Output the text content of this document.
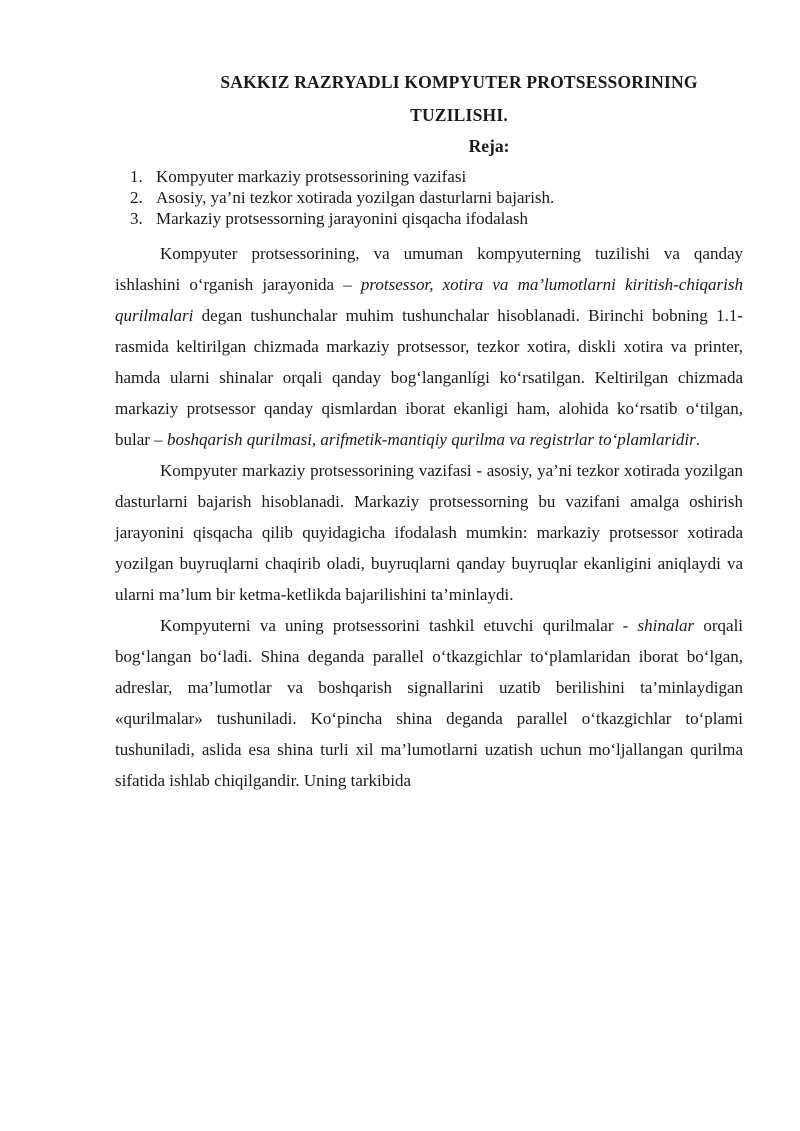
SAKKIZ RAZRYADLI KOMPYUTER PROTSESSORINING
TUZILISHI.
Reja:
1. Kompyuter markaziy protsessorining vazifasi
2. Asosiy, ya’ni tezkor xotirada yozilgan dasturlarni bajarish.
3. Markaziy protsessorning jarayonini qisqacha ifodalash

Kompyuter protsessorining, va umuman kompyuterning tuzilishi va qanday ishlashini o‘rganish jarayonida – protsessor, xotira va ma’lumotlarni kiritish-chiqarish qurilmalari degan tushunchalar muhim tushunchalar hisoblanadi. Birinchi bobning 1.1-rasmida keltirilgan chizmada markaziy protsessor, tezkor xotira, diskli xotira va printer, hamda ularni shinalar orqali qanday bog‘langanlígi ko‘rsatilgan. Keltirilgan chizmada markaziy protsessor qanday qismlardan iborat ekanligi ham, alohida ko‘rsatib o‘tilgan, bular – boshqarish qurilmasi, arifmetik-mantiqiy qurilma va registrlar to‘plamlaridir.

Kompyuter markaziy protsessorining vazifasi - asosiy, ya’ni tezkor xotirada yozilgan dasturlarni bajarish hisoblanadi. Markaziy protsessorning bu vazifani amalga oshirish jarayonini qisqacha qilib quyidagicha ifodalash mumkin: markaziy protsessor xotirada yozilgan buyruqlarni chaqirib oladi, buyruqlarni qanday buyruqlar ekanligini aniqlaydi va ularni ma’lum bir ketma-ketlikda bajarilishini ta’minlaydi.

Kompyuterni va uning protsessorini tashkil etuvchi qurilmalar - shinalar orqali bog‘langan bo‘ladi. Shina deganda parallel o‘tkazgichlar to‘plamlaridan iborat bo‘lgan, adreslar, ma’lumotlar va boshqarish signallarini uzatib berilishini ta’minlaydigan «qurilmalar» tushuniladi. Ko‘pincha shina deganda parallel o‘tkazgichlar to‘plami tushuniladi, aslida esa shina turli xil ma’lumotlarni uzatish uchun mo‘ljallangan qurilma sifatida ishlab chiqilgandir. Uning tarkibida
